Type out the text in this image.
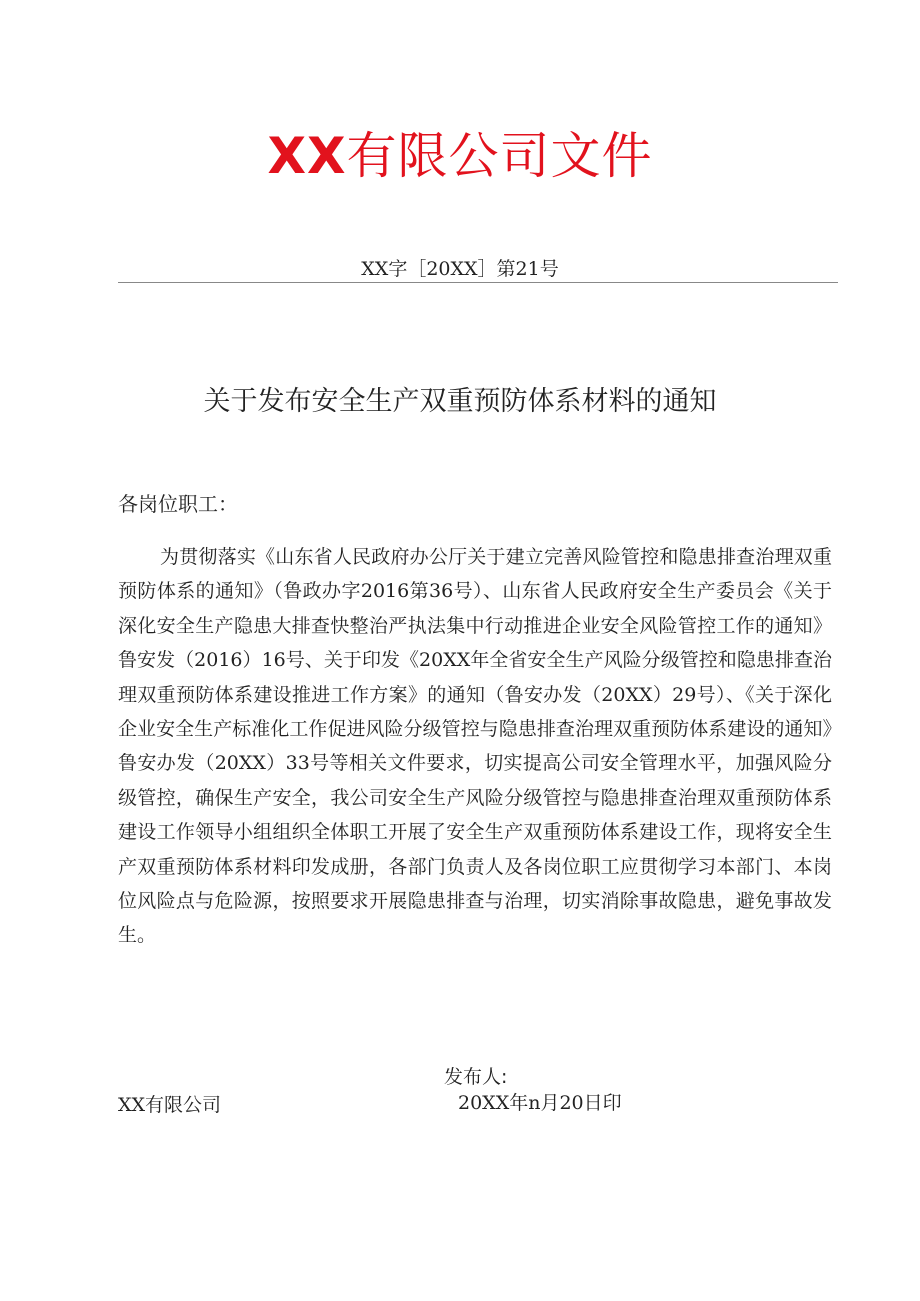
XX有限公司文件
XX字［20XX］第21号
关于发布安全生产双重预防体系材料的通知
各岗位职工：

为贯彻落实《山东省人民政府办公厅关于建立完善风险管控和隐患排查治理双重预防体系的通知》（鲁政办字2016第36号）、山东省人民政府安全生产委员会《关于深化安全生产隐患大排查快整治严执法集中行动推进企业安全风险管控工作的通知》鲁安发（2016）16号、关于印发《20XX年全省安全生产风险分级管控和隐患排查治理双重预防体系建设推进工作方案》的通知（鲁安办发（20XX）29号）、《关于深化企业安全生产标准化工作促进风险分级管控与隐患排查治理双重预防体系建设的通知》鲁安办发（20XX）33号等相关文件要求，切实提高公司安全管理水平，加强风险分级管控，确保生产安全，我公司安全生产风险分级管控与隐患排查治理双重预防体系建设工作领导小组组织全体职工开展了安全生产双重预防体系建设工作，现将安全生产双重预防体系材料印发成册，各部门负责人及各岗位职工应贯彻学习本部门、本岗位风险点与危险源，按照要求开展隐患排查与治理，切实消除事故隐患，避免事故发生。

发布人:
XX有限公司	20XX年n月20日印
